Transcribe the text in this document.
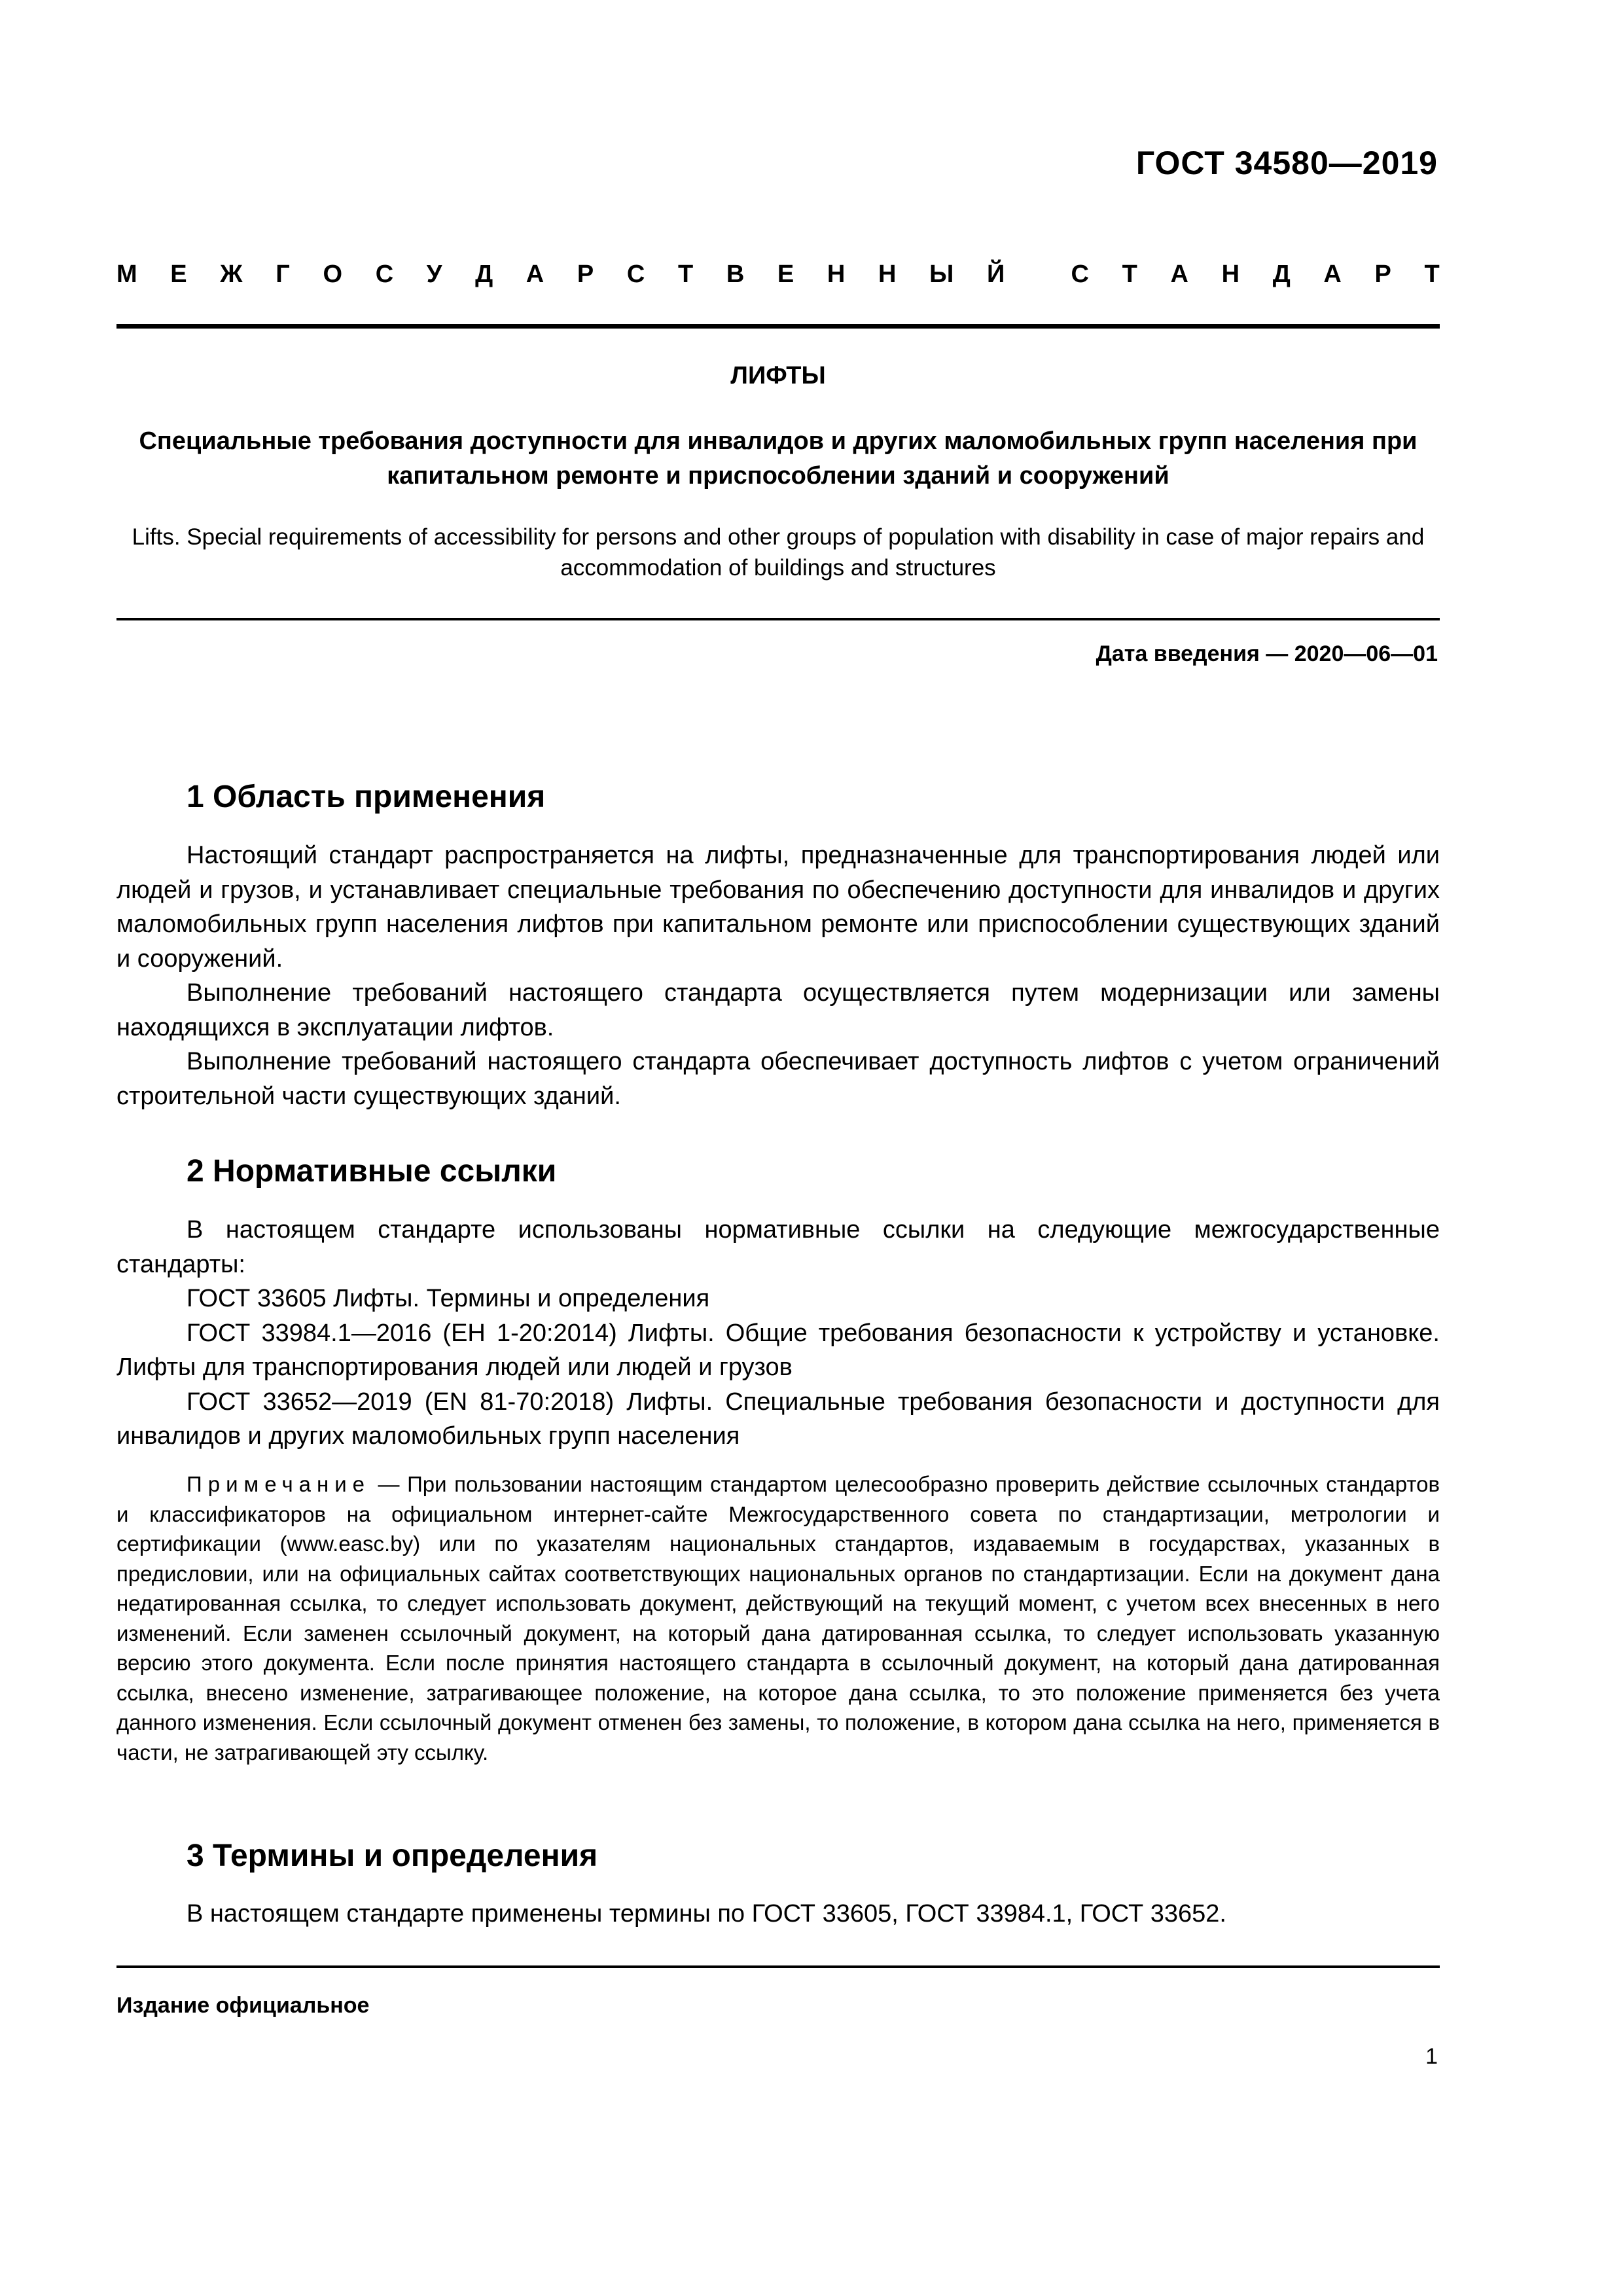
ГОСТ 34580—2019
М Е Ж Г О С У Д А Р С Т В Е Н Н Ы Й	С Т А Н Д А Р Т
ЛИФТЫ
Специальные требования доступности для инвалидов и других маломобильных групп населения при капитальном ремонте и приспособлении зданий и сооружений
Lifts. Special requirements of accessibility for persons and other groups of population with disability in case of major repairs and accommodation of buildings and structures
Дата введения — 2020—06—01
1 Область применения

Настоящий стандарт распространяется на лифты, предназначенные для транспортирования людей или людей и грузов, и устанавливает специальные требования по обеспечению доступности для инвалидов и других маломобильных групп населения лифтов при капитальном ремонте или приспособлении существующих зданий и сооружений.

Выполнение требований настоящего стандарта осуществляется путем модернизации или замены находящихся в эксплуатации лифтов.

Выполнение требований настоящего стандарта обеспечивает доступность лифтов с учетом ограничений строительной части существующих зданий.

2 Нормативные ссылки

В настоящем стандарте использованы нормативные ссылки на следующие межгосударственные стандарты:

ГОСТ 33605 Лифты. Термины и определения

ГОСТ 33984.1—2016 (EH 1-20:2014) Лифты. Общие требования безопасности к устройству и установке. Лифты для транспортирования людей или людей и грузов

ГОСТ 33652—2019 (EN 81-70:2018) Лифты. Специальные требования безопасности и доступности для инвалидов и других маломобильных групп населения

Примечание — При пользовании настоящим стандартом целесообразно проверить действие ссылочных стандартов и классификаторов на официальном интернет-сайте Межгосударственного совета по стандартизации, метрологии и сертификации (www.easc.by) или по указателям национальных стандартов, издаваемым в государствах, указанных в предисловии, или на официальных сайтах соответствующих национальных органов по стандартизации. Если на документ дана недатированная ссылка, то следует использовать документ, действующий на текущий момент, с учетом всех внесенных в него изменений. Если заменен ссылочный документ, на который дана датированная ссылка, то следует использовать указанную версию этого документа. Если после принятия настоящего стандарта в ссылочный документ, на который дана датированная ссылка, внесено изменение, затрагивающее положение, на которое дана ссылка, то это положение применяется без учета данного изменения. Если ссылочный документ отменен без замены, то положение, в котором дана ссылка на него, применяется в части, не затрагивающей эту ссылку.
3 Термины и определения

В настоящем стандарте применены термины по ГОСТ 33605, ГОСТ 33984.1, ГОСТ 33652.

Издание официальное
1
